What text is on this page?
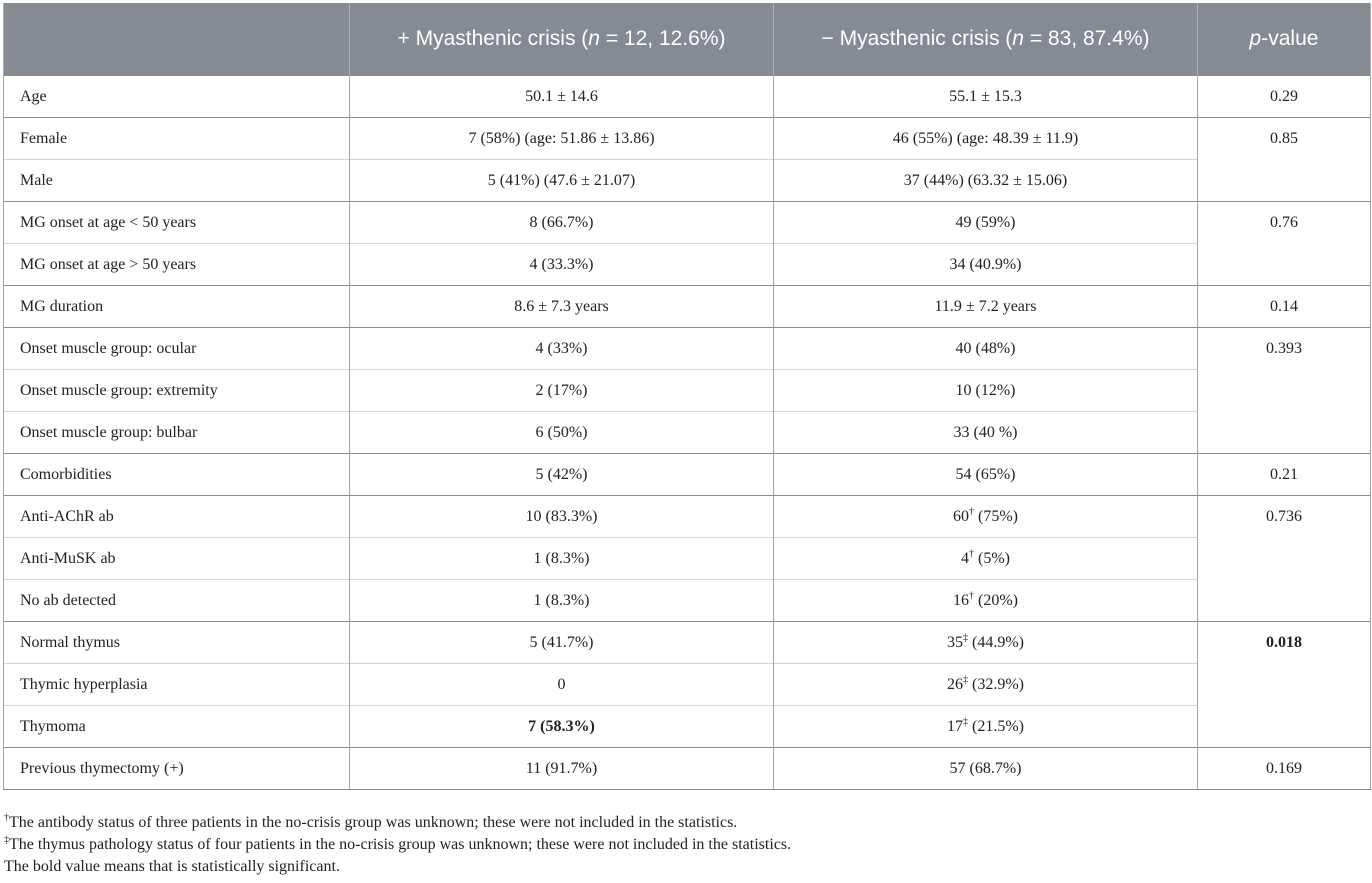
	+ Myasthenic crisis (n = 12, 12.6%)	− Myasthenic crisis (n = 83, 87.4%)	p-value
Age	50.1 ± 14.6	55.1 ± 15.3	0.29
Female	7 (58%) (age: 51.86 ± 13.86)	46 (55%) (age: 48.39 ± 11.9)	0.85
Male	5 (41%) (47.6 ± 21.07)	37 (44%) (63.32 ± 15.06)	
MG onset at age < 50 years	8 (66.7%)	49 (59%)	0.76
MG onset at age > 50 years	4 (33.3%)	34 (40.9%)	
MG duration	8.6 ± 7.3 years	11.9 ± 7.2 years	0.14
Onset muscle group: ocular	4 (33%)	40 (48%)	0.393
Onset muscle group: extremity	2 (17%)	10 (12%)	
Onset muscle group: bulbar	6 (50%)	33 (40 %)	
Comorbidities	5 (42%)	54 (65%)	0.21
Anti-AChR ab	10 (83.3%)	60† (75%)	0.736
Anti-MuSK ab	1 (8.3%)	4† (5%)	
No ab detected	1 (8.3%)	16† (20%)	
Normal thymus	5 (41.7%)	35‡ (44.9%)	0.018
Thymic hyperplasia	0	26‡ (32.9%)	
Thymoma	7 (58.3%)	17‡ (21.5%)	
Previous thymectomy (+)	11 (91.7%)	57 (68.7%)	0.169
†The antibody status of three patients in the no-crisis group was unknown; these were not included in the statistics.
‡The thymus pathology status of four patients in the no-crisis group was unknown; these were not included in the statistics.
The bold value means that is statistically significant.
